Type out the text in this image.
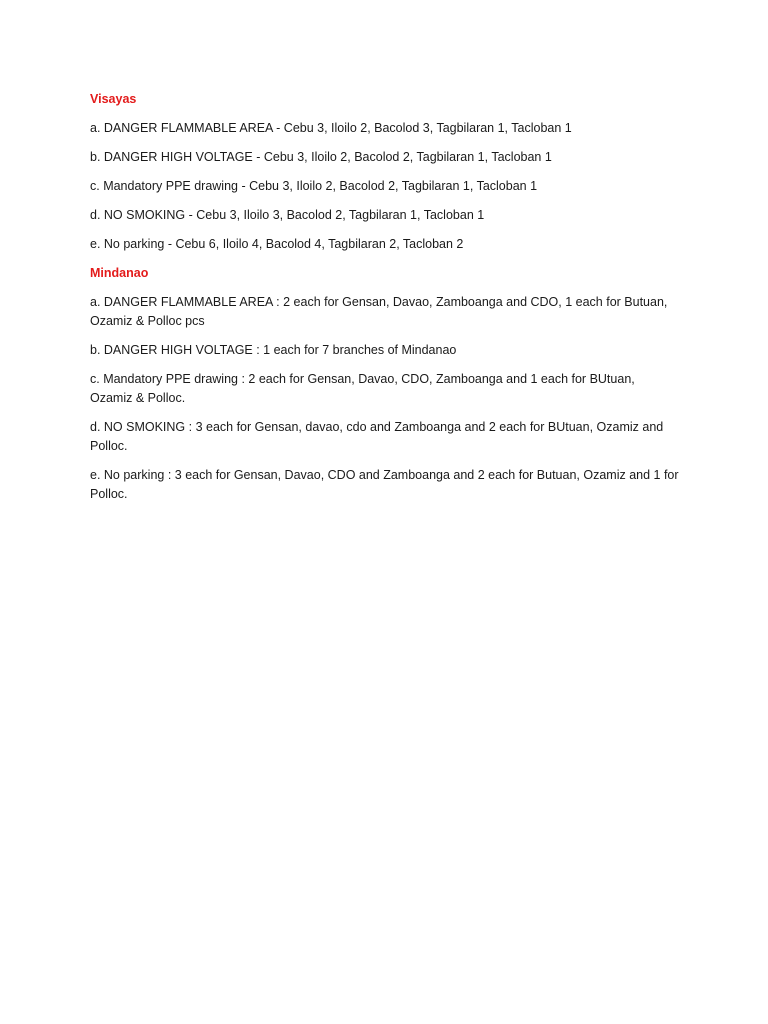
Visayas

a. DANGER FLAMMABLE AREA - Cebu 3, Iloilo 2, Bacolod 3, Tagbilaran 1, Tacloban 1

b. DANGER HIGH VOLTAGE - Cebu 3, Iloilo 2, Bacolod 2, Tagbilaran 1, Tacloban 1

c. Mandatory PPE drawing - Cebu 3, Iloilo 2, Bacolod 2, Tagbilaran 1, Tacloban 1

d. NO SMOKING - Cebu 3, Iloilo 3, Bacolod 2, Tagbilaran 1, Tacloban 1

e. No parking - Cebu 6, Iloilo 4, Bacolod 4, Tagbilaran 2, Tacloban 2

Mindanao

a. DANGER FLAMMABLE AREA : 2 each for Gensan, Davao, Zamboanga and CDO, 1 each for Butuan, Ozamiz & Polloc pcs

b. DANGER HIGH VOLTAGE : 1 each for 7 branches of Mindanao

c. Mandatory PPE drawing : 2 each for Gensan, Davao, CDO, Zamboanga and 1 each for BUtuan, Ozamiz & Polloc.

d. NO SMOKING : 3 each for Gensan, davao, cdo and Zamboanga and 2 each for BUtuan, Ozamiz and Polloc.

e. No parking : 3 each for Gensan, Davao, CDO and Zamboanga and 2 each for Butuan, Ozamiz and 1 for Polloc.
